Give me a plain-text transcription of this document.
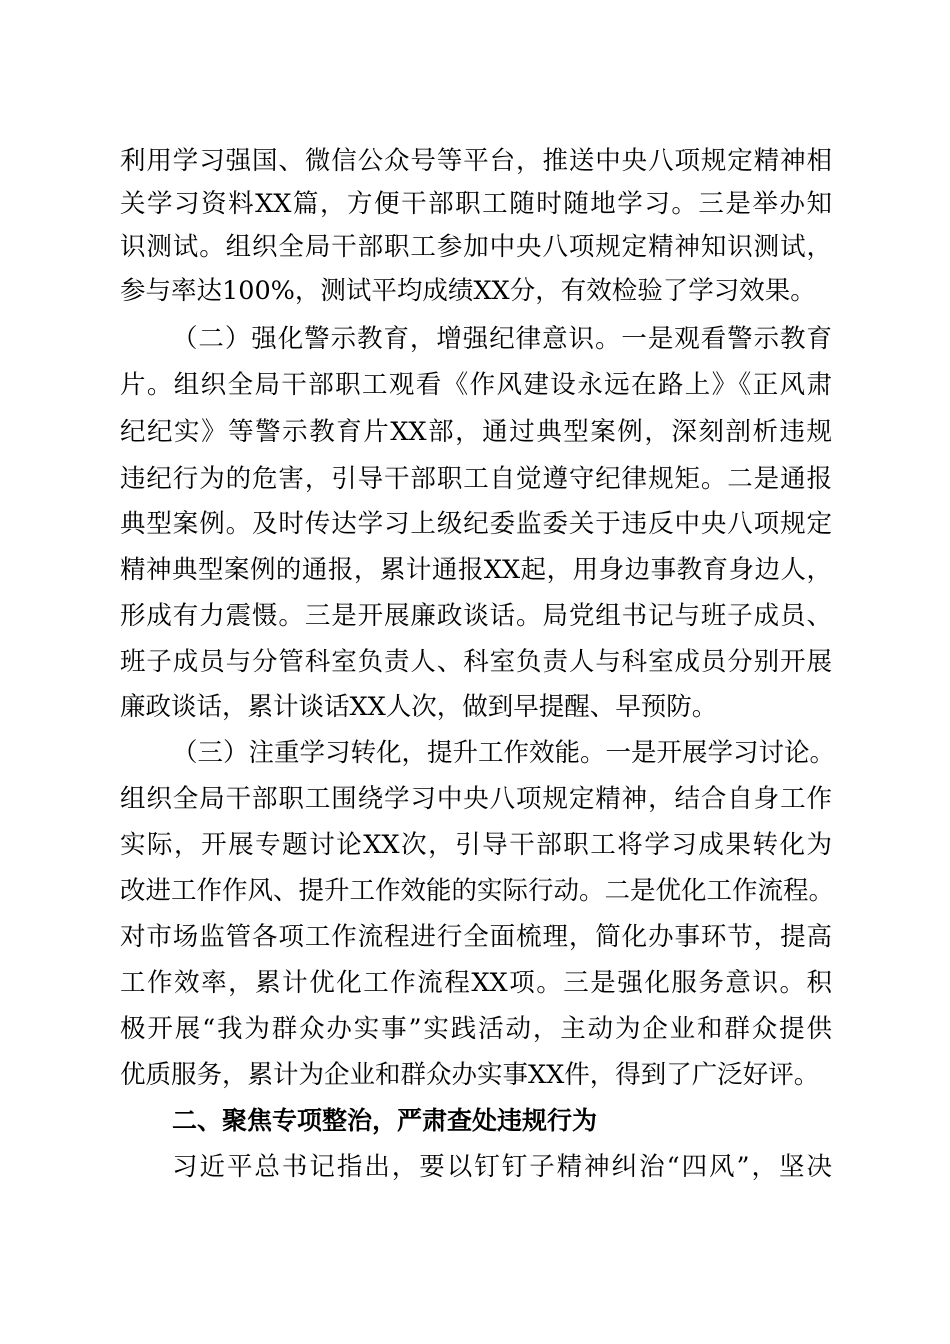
利用学习强国、微信公众号等平台，推送中央八项规定精神相
关学习资料XX篇，方便干部职工随时随地学习。三是举办知
识测试。组织全局干部职工参加中央八项规定精神知识测试，
参与率达100%，测试平均成绩XX分，有效检验了学习效果。
（二）强化警示教育，增强纪律意识。一是观看警示教育
片。组织全局干部职工观看《作风建设永远在路上》《正风肃
纪纪实》等警示教育片XX部，通过典型案例，深刻剖析违规
违纪行为的危害，引导干部职工自觉遵守纪律规矩。二是通报
典型案例。及时传达学习上级纪委监委关于违反中央八项规定
精神典型案例的通报，累计通报XX起，用身边事教育身边人，
形成有力震慑。三是开展廉政谈话。局党组书记与班子成员、
班子成员与分管科室负责人、科室负责人与科室成员分别开展
廉政谈话，累计谈话XX人次，做到早提醒、早预防。
（三）注重学习转化，提升工作效能。一是开展学习讨论。
组织全局干部职工围绕学习中央八项规定精神，结合自身工作
实际，开展专题讨论XX次，引导干部职工将学习成果转化为
改进工作作风、提升工作效能的实际行动。二是优化工作流程。
对市场监管各项工作流程进行全面梳理，简化办事环节，提高
工作效率，累计优化工作流程XX项。三是强化服务意识。积
极开展“我为群众办实事”实践活动，主动为企业和群众提供
优质服务，累计为企业和群众办实事XX件，得到了广泛好评。
二、聚焦专项整治，严肃查处违规行为
习近平总书记指出，要以钉钉子精神纠治“四风”，坚决
